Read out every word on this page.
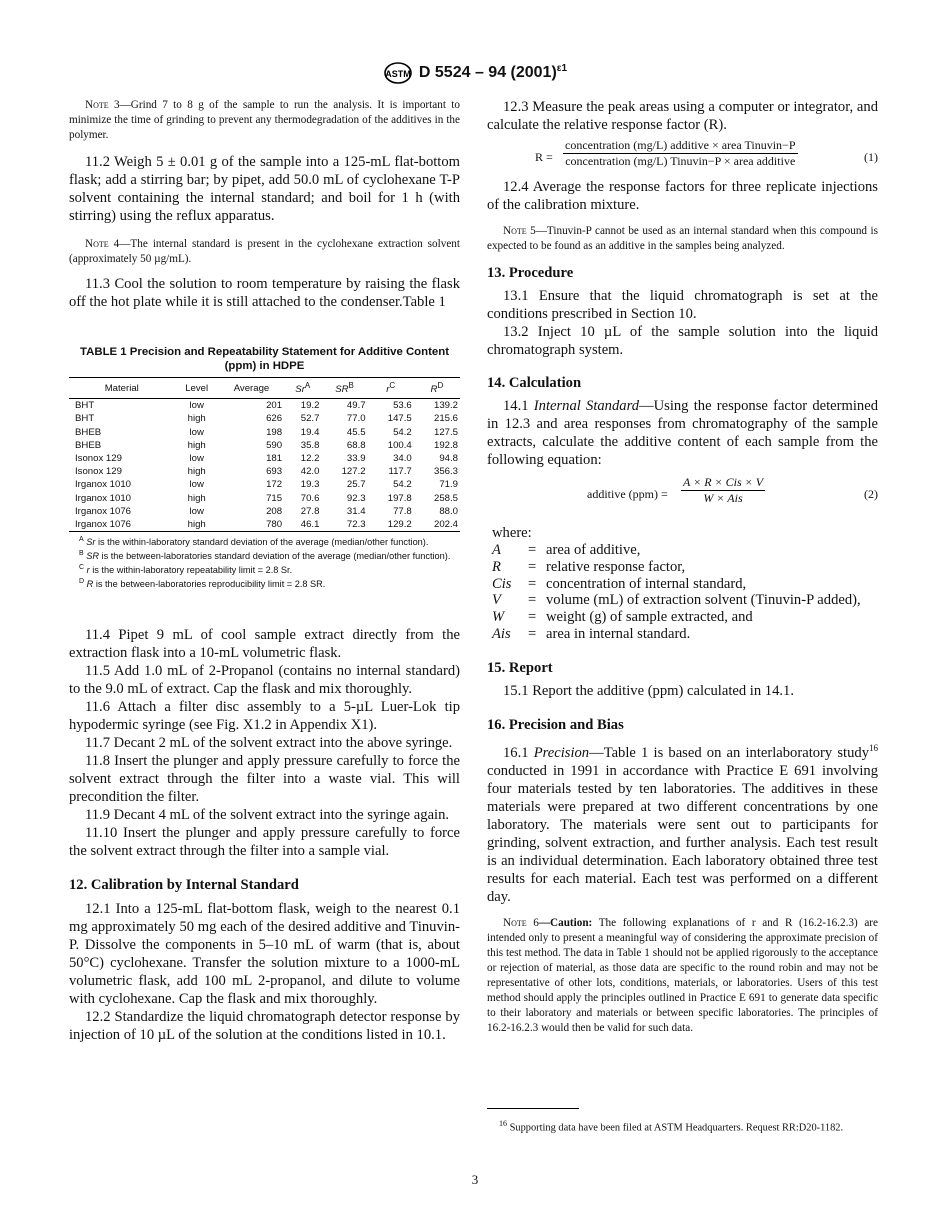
ASTM D 5524 – 94 $(2001)^{\varepsilon 1}$

Note 3—Grind 7 to 8 g of the sample to run the analysis. It is important to minimize the time of grinding to prevent any thermodegradation of the additives in the polymer.

11.2 Weigh 5 ± 0.01 g of the sample into a 125-mL flat-bottom flask; add a stirring bar; by pipet, add 50.0 mL of cyclohexane T-P solvent containing the internal standard; and boil for 1 h (with stirring) using the reflux apparatus.

Note 4—The internal standard is present in the cyclohexane extraction solvent (approximately 50 µg/mL).

11.3 Cool the solution to room temperature by raising the flask off the hot plate while it is still attached to the condenser.Table 1

TABLE 1 Precision and Repeatability Statement for Additive Content (ppm) in HDPE
Material	Level	Average	$Sr^A$	$SR^B$	$r^C$	$R^D$
BHT	low	201	19.2	49.7	53.6	139.2
BHT	high	626	52.7	77.0	147.5	215.6
BHEB	low	198	19.4	45.5	54.2	127.5
BHEB	high	590	35.8	68.8	100.4	192.8
Isonox 129	low	181	12.2	33.9	34.0	94.8
Isonox 129	high	693	42.0	127.2	117.7	356.3
Irganox 1010	low	172	19.3	25.7	54.2	71.9
Irganox 1010	high	715	70.6	92.3	197.8	258.5
Irganox 1076	low	208	27.8	31.4	77.8	88.0
Irganox 1076	high	780	46.1	72.3	129.2	202.4
$^A$ Sr is the within-laboratory standard deviation of the average (median/other function).
$^B$ SR is the between-laboratories standard deviation of the average (median/other function).
$^C$ r is the within-laboratory repeatability limit = 2.8 Sr.
$^D$ R is the between-laboratories reproducibility limit = 2.8 SR.

11.4 Pipet 9 mL of cool sample extract directly from the extraction flask into a 10-mL volumetric flask.

11.5 Add 1.0 mL of 2-Propanol (contains no internal standard) to the 9.0 mL of extract. Cap the flask and mix thoroughly.

11.6 Attach a filter disc assembly to a 5-µL Luer-Lok tip hypodermic syringe (see Fig. X1.2 in Appendix X1).

11.7 Decant 2 mL of the solvent extract into the above syringe.

11.8 Insert the plunger and apply pressure carefully to force the solvent extract through the filter into a waste vial. This will precondition the filter.

11.9 Decant 4 mL of the solvent extract into the syringe again.

11.10 Insert the plunger and apply pressure carefully to force the solvent extract through the filter into a sample vial.

12. Calibration by Internal Standard

12.1 Into a 125-mL flat-bottom flask, weigh to the nearest 0.1 mg approximately 50 mg each of the desired additive and Tinuvin-P. Dissolve the components in 5–10 mL of warm (that is, about 50°C) cyclohexane. Transfer the solution mixture to a 1000-mL volumetric flask, add 100 mL 2-propanol, and dilute to volume with cyclohexane. Cap the flask and mix thoroughly.

12.2 Standardize the liquid chromatograph detector response by injection of 10 µL of the solution at the conditions listed in 10.1.

12.3 Measure the peak areas using a computer or integrator, and calculate the relative response factor (R).

R =
concentration (mg/L) additive × area Tinuvin−P
concentration (mg/L) Tinuvin−P × area additive	(1)

12.4 Average the response factors for three replicate injections of the calibration mixture.

Note 5—Tinuvin-P cannot be used as an internal standard when this compound is expected to be found as an additive in the samples being analyzed.

13. Procedure

13.1 Ensure that the liquid chromatograph is set at the conditions prescribed in Section 10.

13.2 Inject 10 µL of the sample solution into the liquid chromatograph system.

14. Calculation

14.1 Internal Standard—Using the response factor determined in 12.3 and area responses from chromatography of the sample extracts, calculate the additive content of each sample from the following equation:

additive (ppm) =
A × R × Cis × V
W × Ais	(2)
where:
A	=	area of additive,
R	=	relative response factor,
Cis	=	concentration of internal standard,
V	=	volume (mL) of extraction solvent (Tinuvin-P added),
W	=	weight (g) of sample extracted, and
Ais	=	area in internal standard.
15. Report

15.1 Report the additive (ppm) calculated in 14.1.

16. Precision and Bias

16.1 Precision—Table 1 is based on an interlaboratory study$^{16}$ conducted in 1991 in accordance with Practice E 691 involving four materials tested by ten laboratories. The additives in these materials were prepared at two different concentrations by one laboratory. The materials were sent out to participants for grinding, solvent extraction, and further analysis. Each test result is an individual determination. Each laboratory obtained three test results for each material. Each test was performed on a different day.

Note 6—Caution: The following explanations of r and R (16.2-16.2.3) are intended only to present a meaningful way of considering the approximate precision of this test method. The data in Table 1 should not be applied rigorously to the acceptance or rejection of material, as those data are specific to the round robin and may not be representative of other lots, conditions, materials, or laboratories. Users of this test method should apply the principles outlined in Practice E 691 to generate data specific to their laboratory and materials or between specific laboratories. The principles of 16.2-16.2.3 would then be valid for such data.

$^{16}$ Supporting data have been filed at ASTM Headquarters. Request RR:D20-1182.
3
